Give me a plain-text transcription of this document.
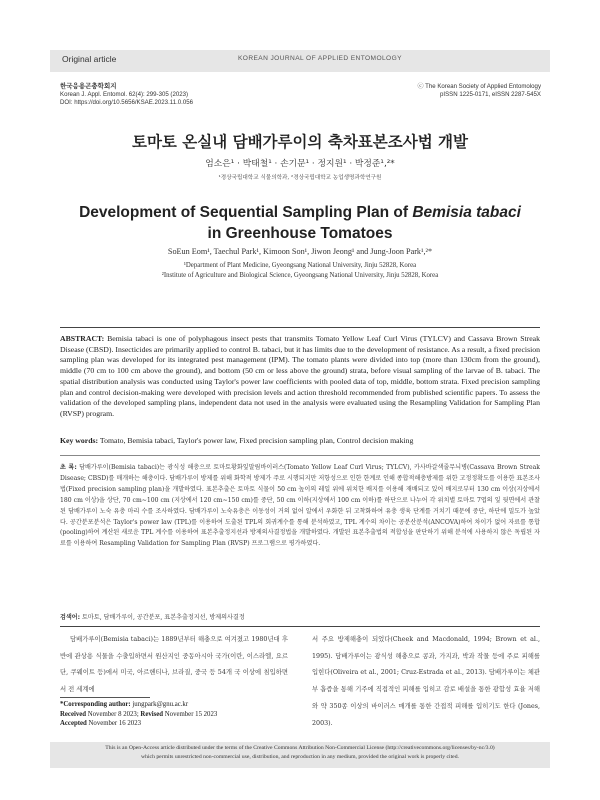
Original article	KOREAN JOURNAL OF APPLIED ENTOMOLOGY
한국응용곤충학회지
Korean J. Appl. Entomol. 62(4): 299-305 (2023)
DOI: https://doi.org/10.5656/KSAE.2023.11.0.056
ⓒ The Korean Society of Applied Entomology
pISSN 1225-0171, eISSN 2287-545X
토마토 온실내 담배가루이의 축차표본조사법 개발
엄소은¹ · 박태철¹ · 손기문¹ · 정지원¹ · 박정준¹,²*
¹경상국립대학교 식물의학과, ²경상국립대학교 농업생명과학연구원
Development of Sequential Sampling Plan of Bemisia tabaci
in Greenhouse Tomatoes
SoEun Eom¹, Taechul Park¹, Kimoon Son¹, Jiwon Jeong¹ and Jung-Joon Park¹,²*
¹Department of Plant Medicine, Gyeongsang National University, Jinju 52828, Korea
²Institute of Agriculture and Biological Science, Gyeongsang National University, Jinju 52828, Korea
ABSTRACT: Bemisia tabaci is one of polyphagous insect pests that transmits Tomato Yellow Leaf Curl Virus (TYLCV) and Cassava Brown Streak Disease (CBSD). Insecticides are primarily applied to control B. tabaci, but it has limits due to the development of resistance. As a result, a fixed precision sampling plan was developed for its integrated pest management (IPM). The tomato plants were divided into top (more than 130cm from the ground), middle (70 cm to 100 cm above the ground), and bottom (50 cm or less above the ground) strata, before visual sampling of the larvae of B. tabaci. The spatial distribution analysis was conducted using Taylor's power law coefficients with pooled data of top, middle, bottom strata. Fixed precision sampling plan and control decision-making were developed with precision levels and action threshold recommended from published scientific papers. To assess the validation of the developed sampling plans, independent data not used in the analysis were evaluated using the Resampling Validation for Sampling Plan (RVSP) program.
Key words: Tomato, Bemisia tabaci, Taylor's power law, Fixed precision sampling plan, Control decision making
초 록: 담배가루이(Bemisia tabaci)는 광식성 해충으로 토마토황화잎말림바이러스(Tomato Yellow Leaf Curl Virus; TYLCV), 카사바갈색줄무늬병(Cassava Brown Streak Disease; CBSD)를 매개하는 해충이다. 담배가루이 방제를 위해 화학적 방제가 주로 시행되지만 저항성으로 인한 한계로 인해 종합적해충방제를 위한 고정정확도를 이용한 표본조사법(Fixed precision sampling plan)을 개발하였다. 표본추출은 토마토 식물이 50 cm 높이의 레일 위에 위치한 배지를 이용해 재배되고 있어 배지로부터 130 cm 이상(지상에서 180 cm 이상)을 상단, 70 cm~100 cm (지상에서 120 cm~150 cm)를 중단, 50 cm 이하(지상에서 100 cm 이하)를 하단으로 나누어 각 위치별 토마토 7엽의 잎 뒷면에서 관찰된 담배가루이 노숙 유충 마리 수를 조사하였다. 담배가루이 노숙유충은 이동성이 거의 없어 알에서 우화한 뒤 고착화하여 유충 생육 단계를 거치기 때문에 중단, 하단에 밀도가 높았다. 공간분포분석은 Taylor's power law (TPL)를 이용하여 도출된 TPL의 회귀계수를 통해 분석하였고, TPL 계수의 차이는 공분산분석(ANCOVA)하여 차이가 없어 자료를 통합(pooling)하여 계산된 새로운 TPL 계수를 이용하여 표본추출정지선과 방제의사결정법을 개발하였다. 개발된 표본추출법의 적합성을 판단하기 위해 분석에 사용하지 않은 독립된 자료를 이용하여 Resampling Validation for Sampling Plan (RVSP) 프로그램으로 평가하였다.
검색어: 토마토, 담배가루이, 공간분포, 표본추출정지선, 방제의사결정

담배가루이(Bemisia tabaci)는 1889년부터 해충으로 여겨졌고 1980년대 후반에 관상용 식물을 수출입하면서 원산지인 중동아시아 국가(이란, 이스라엘, 요르단, 쿠웨이트 등)에서 미국, 아르헨티나, 브라질, 중국 등 54개 국 이상에 침입하면서 전 세계에

서 주요 방제해충이 되었다(Cheek and Macdonald, 1994; Brown et al., 1995). 담배가루이는 광식성 해충으로 콩과, 가지과, 박과 작물 등에 주로 피해를 입힌다(Oliveira et al., 2001; Cruz-Estrada et al., 2013). 담배가루이는 체관부 흡즙을 통해 기주에 직접적인 피해를 입히고 감로 배설을 통한 광합성 효율 저해와 약 350종 이상의 바이러스 매개를 통한 간접적 피해를 입히기도 한다 (Jones, 2003).

*Corresponding author: jungpark@gnu.ac.kr
Received November 8 2023; Revised November 15 2023
Accepted November 16 2023
This is an Open-Access article distributed under the terms of the Creative Commons Attribution Non-Commercial License (http://creativecommons.org/licenses/by-nc/3.0)
which permits unrestricted non-commercial use, distribution, and reproduction in any medium, provided the original work is properly cited.
